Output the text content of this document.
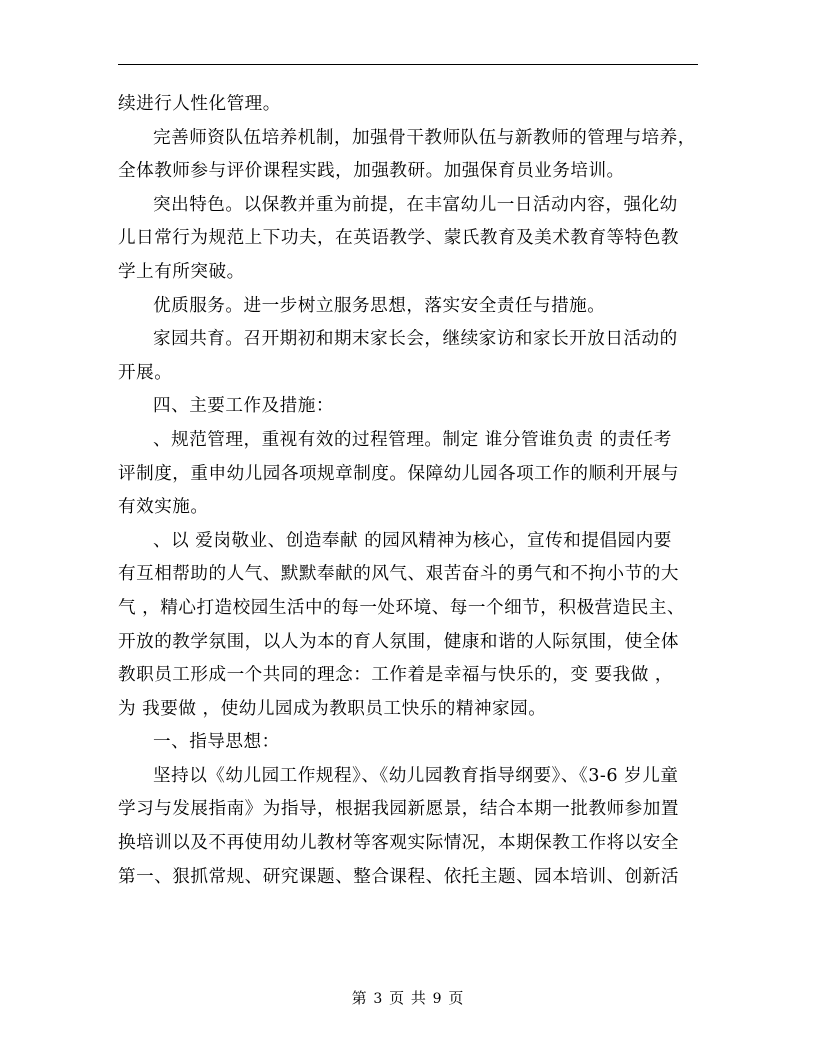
续进行人性化管理。
完善师资队伍培养机制，加强骨干教师队伍与新教师的管理与培养，
全体教师参与评价课程实践，加强教研。加强保育员业务培训。
突出特色。以保教并重为前提，在丰富幼儿一日活动内容，强化幼
儿日常行为规范上下功夫，在英语教学、蒙氏教育及美术教育等特色教
学上有所突破。
优质服务。进一步树立服务思想，落实安全责任与措施。
家园共育。召开期初和期末家长会，继续家访和家长开放日活动的
开展。
四、主要工作及措施：
、规范管理，重视有效的过程管理。制定 谁分管谁负责 的责任考
评制度，重申幼儿园各项规章制度。保障幼儿园各项工作的顺利开展与
有效实施。
、以 爱岗敬业、创造奉献 的园风精神为核心，宣传和提倡园内要
有互相帮助的人气、默默奉献的风气、艰苦奋斗的勇气和不拘小节的大
气 ，精心打造校园生活中的每一处环境、每一个细节，积极营造民主、
开放的教学氛围，以人为本的育人氛围，健康和谐的人际氛围，使全体
教职员工形成一个共同的理念：工作着是幸福与快乐的，变 要我做 ，
为 我要做 ，使幼儿园成为教职员工快乐的精神家园。
一、指导思想：
坚持以《幼儿园工作规程》、《幼儿园教育指导纲要》、《3-6 岁儿童
学习与发展指南》为指导，根据我园新愿景，结合本期一批教师参加置
换培训以及不再使用幼儿教材等客观实际情况，本期保教工作将以安全
第一、狠抓常规、研究课题、整合课程、依托主题、园本培训、创新活
第 3 页 共 9 页
